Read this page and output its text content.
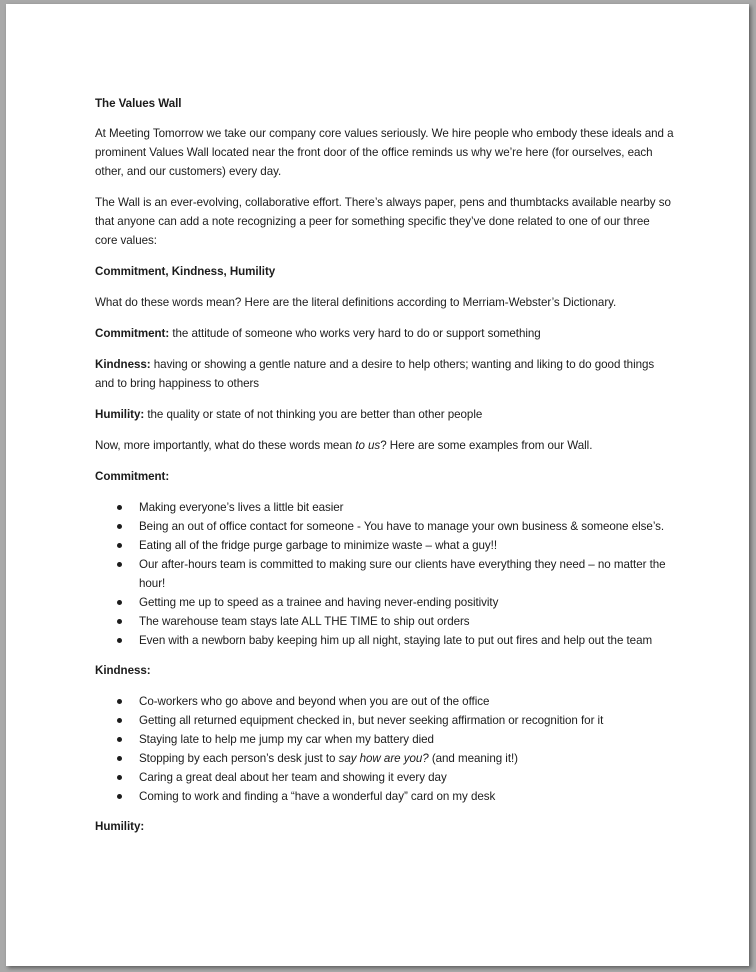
The Values Wall

At Meeting Tomorrow we take our company core values seriously. We hire people who embody these ideals and a prominent Values Wall located near the front door of the office reminds us why we’re here (for ourselves, each other, and our customers) every day.

The Wall is an ever-evolving, collaborative effort. There’s always paper, pens and thumbtacks available nearby so that anyone can add a note recognizing a peer for something specific they’ve done related to one of our three core values:

Commitment, Kindness, Humility

What do these words mean? Here are the literal definitions according to Merriam-Webster’s Dictionary.

Commitment: the attitude of someone who works very hard to do or support something

Kindness: having or showing a gentle nature and a desire to help others; wanting and liking to do good things and to bring happiness to others

Humility: the quality or state of not thinking you are better than other people

Now, more importantly, what do these words mean to us? Here are some examples from our Wall.

Commitment:

Making everyone’s lives a little bit easier
Being an out of office contact for someone - You have to manage your own business & someone else’s.
Eating all of the fridge purge garbage to minimize waste – what a guy!!
Our after-hours team is committed to making sure our clients have everything they need – no matter the hour!
Getting me up to speed as a trainee and having never-ending positivity
The warehouse team stays late ALL THE TIME to ship out orders
Even with a newborn baby keeping him up all night, staying late to put out fires and help out the team

Kindness:

Co-workers who go above and beyond when you are out of the office
Getting all returned equipment checked in, but never seeking affirmation or recognition for it
Staying late to help me jump my car when my battery died
Stopping by each person’s desk just to say how are you? (and meaning it!)
Caring a great deal about her team and showing it every day
Coming to work and finding a “have a wonderful day” card on my desk

Humility:
